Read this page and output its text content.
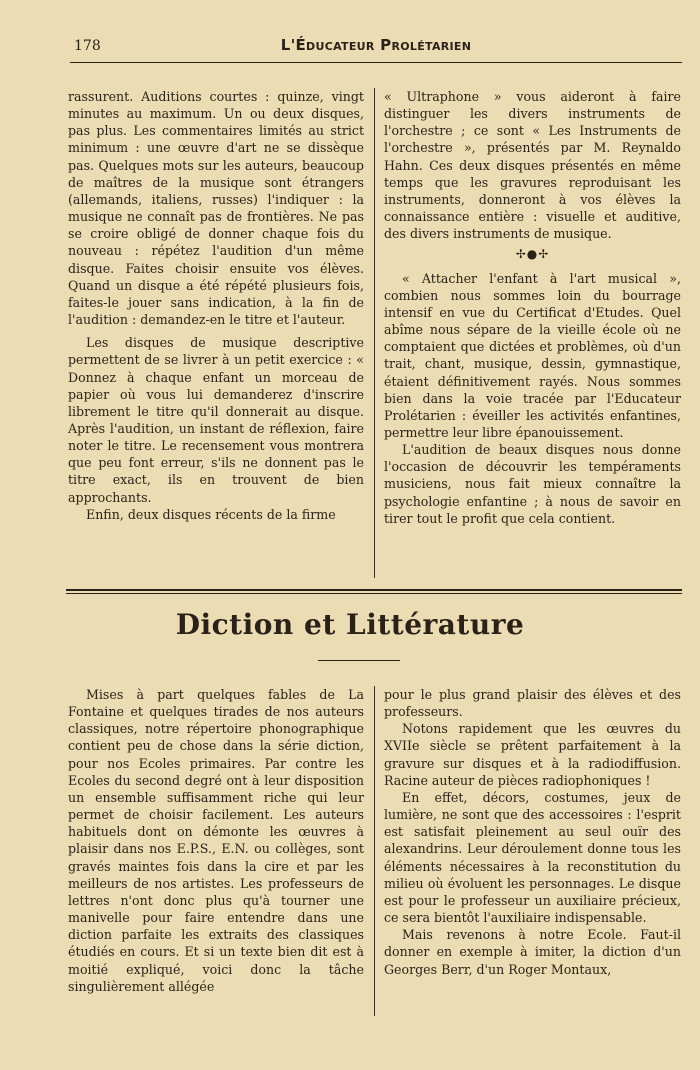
178	L'Éducateur Prolétarien

rassurent. Auditions courtes : quinze, vingt minutes au maximum. Un ou deux disques, pas plus. Les commentaires limités au strict minimum : une œuvre d'art ne se dissèque pas. Quelques mots sur les auteurs, beaucoup de maîtres de la musique sont étrangers (allemands, italiens, russes) l'indiquer : la musique ne connaît pas de frontières. Ne pas se croire obligé de donner chaque fois du nouveau : répétez l'audition d'un même disque. Faites choisir ensuite vos élèves. Quand un disque a été répété plusieurs fois, faites-le jouer sans indication, à la fin de l'audition : demandez-en le titre et l'auteur.

Les disques de musique descriptive permettent de se livrer à un petit exercice : « Donnez à chaque enfant un morceau de papier où vous lui demanderez d'inscrire librement le titre qu'il donnerait au disque. Après l'audition, un instant de réflexion, faire noter le titre. Le recensement vous montrera que peu font erreur, s'ils ne donnent pas le titre exact, ils en trouvent de bien approchants.

Enfin, deux disques récents de la firme

« Ultraphone » vous aideront à faire distinguer les divers instruments de l'orchestre ; ce sont « Les Instruments de l'orchestre », présentés par M. Reynaldo Hahn. Ces deux disques présentés en même temps que les gravures reproduisant les instruments, donneront à vos élèves la connaissance entière : visuelle et auditive, des divers instruments de musique.

✢●✢

« Attacher l'enfant à l'art musical », combien nous sommes loin du bourrage intensif en vue du Certificat d'Etudes. Quel abîme nous sépare de la vieille école où ne comptaient que dictées et problèmes, où d'un trait, chant, musique, dessin, gymnastique, étaient définitivement rayés. Nous sommes bien dans la voie tracée par l'Educateur Prolétarien : éveiller les activités enfantines, permettre leur libre épanouissement.

L'audition de beaux disques nous donne l'occasion de découvrir les tempéraments musiciens, nous fait mieux connaître la psychologie enfantine ; à nous de savoir en tirer tout le profit que cela contient.

Diction et Littérature

Mises à part quelques fables de La Fontaine et quelques tirades de nos auteurs classiques, notre répertoire phonographique contient peu de chose dans la série diction, pour nos Ecoles primaires. Par contre les Ecoles du second degré ont à leur disposition un ensemble suffisamment riche qui leur permet de choisir facilement. Les auteurs habituels dont on démonte les œuvres à plaisir dans nos E.P.S., E.N. ou collèges, sont gravés maintes fois dans la cire et par les meilleurs de nos artistes. Les professeurs de lettres n'ont donc plus qu'à tourner une manivelle pour faire entendre dans une diction parfaite les extraits des classiques étudiés en cours. Et si un texte bien dit est à moitié expliqué, voici donc la tâche singulièrement allégée

pour le plus grand plaisir des élèves et des professeurs.

Notons rapidement que les œuvres du XVIIe siècle se prêtent parfaitement à la gravure sur disques et à la radiodiffusion. Racine auteur de pièces radiophoniques !

En effet, décors, costumes, jeux de lumière, ne sont que des accessoires : l'esprit est satisfait pleinement au seul ouïr des alexandrins. Leur déroulement donne tous les éléments nécessaires à la reconstitution du milieu où évoluent les personnages. Le disque est pour le professeur un auxiliaire précieux, ce sera bientôt l'auxiliaire indispensable.

Mais revenons à notre Ecole. Faut-il donner en exemple à imiter, la diction d'un Georges Berr, d'un Roger Montaux,
